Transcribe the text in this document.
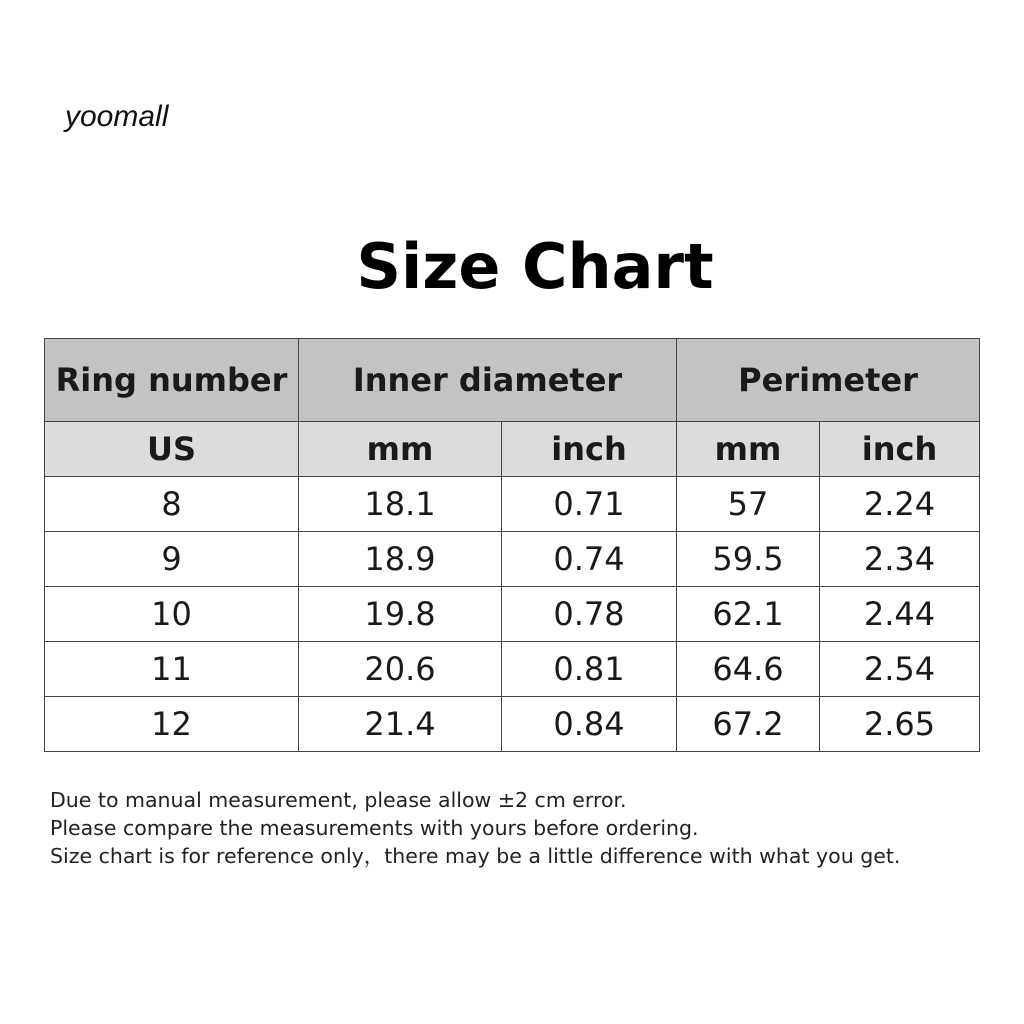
yoomall
Size Chart
Ring number	Inner diameter		Perimeter	
US	mm	inch	mm	inch
8	18.1	0.71	57	2.24
9	18.9	0.74	59.5	2.34
10	19.8	0.78	62.1	2.44
11	20.6	0.81	64.6	2.54
12	21.4	0.84	67.2	2.65
Due to manual measurement, please allow ±2 cm error.
Please compare the measurements with yours before ordering.
Size chart is for reference only，there may be a little difference with what you get.
